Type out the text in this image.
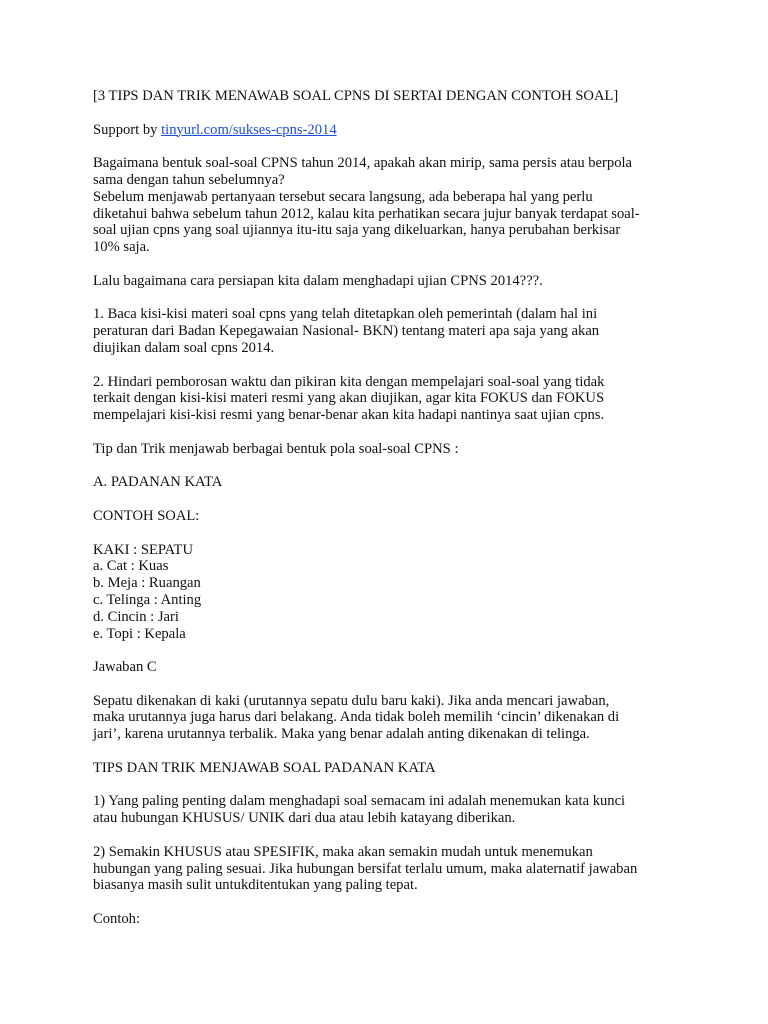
[3 TIPS DAN TRIK MENAWAB SOAL CPNS DI SERTAI DENGAN CONTOH SOAL]

Support by tinyurl.com/sukses-cpns-2014

Bagaimana bentuk soal-soal CPNS tahun 2014, apakah akan mirip, sama persis atau berpola
sama dengan tahun sebelumnya?
Sebelum menjawab pertanyaan tersebut secara langsung, ada beberapa hal yang perlu
diketahui bahwa sebelum tahun 2012, kalau kita perhatikan secara jujur banyak terdapat soal-
soal ujian cpns yang soal ujiannya itu-itu saja yang dikeluarkan, hanya perubahan berkisar
10% saja.

Lalu bagaimana cara persiapan kita dalam menghadapi ujian CPNS 2014???.

1. Baca kisi-kisi materi soal cpns yang telah ditetapkan oleh pemerintah (dalam hal ini
peraturan dari Badan Kepegawaian Nasional- BKN) tentang materi apa saja yang akan
diujikan dalam soal cpns 2014.

2. Hindari pemborosan waktu dan pikiran kita dengan mempelajari soal-soal yang tidak
terkait dengan kisi-kisi materi resmi yang akan diujikan, agar kita FOKUS dan FOKUS
mempelajari kisi-kisi resmi yang benar-benar akan kita hadapi nantinya saat ujian cpns.

Tip dan Trik menjawab berbagai bentuk pola soal-soal CPNS :

A. PADANAN KATA

CONTOH SOAL:

KAKI : SEPATU
a. Cat : Kuas
b. Meja : Ruangan
c. Telinga : Anting
d. Cincin : Jari
e. Topi : Kepala

Jawaban C

Sepatu dikenakan di kaki (urutannya sepatu dulu baru kaki). Jika anda mencari jawaban,
maka urutannya juga harus dari belakang. Anda tidak boleh memilih ‘cincin’ dikenakan di
jari’, karena urutannya terbalik. Maka yang benar adalah anting dikenakan di telinga.

TIPS DAN TRIK MENJAWAB SOAL PADANAN KATA

1) Yang paling penting dalam menghadapi soal semacam ini adalah menemukan kata kunci
atau hubungan KHUSUS/ UNIK dari dua atau lebih katayang diberikan.

2) Semakin KHUSUS atau SPESIFIK, maka akan semakin mudah untuk menemukan
hubungan yang paling sesuai. Jika hubungan bersifat terlalu umum, maka alaternatif jawaban
biasanya masih sulit untukditentukan yang paling tepat.

Contoh:
